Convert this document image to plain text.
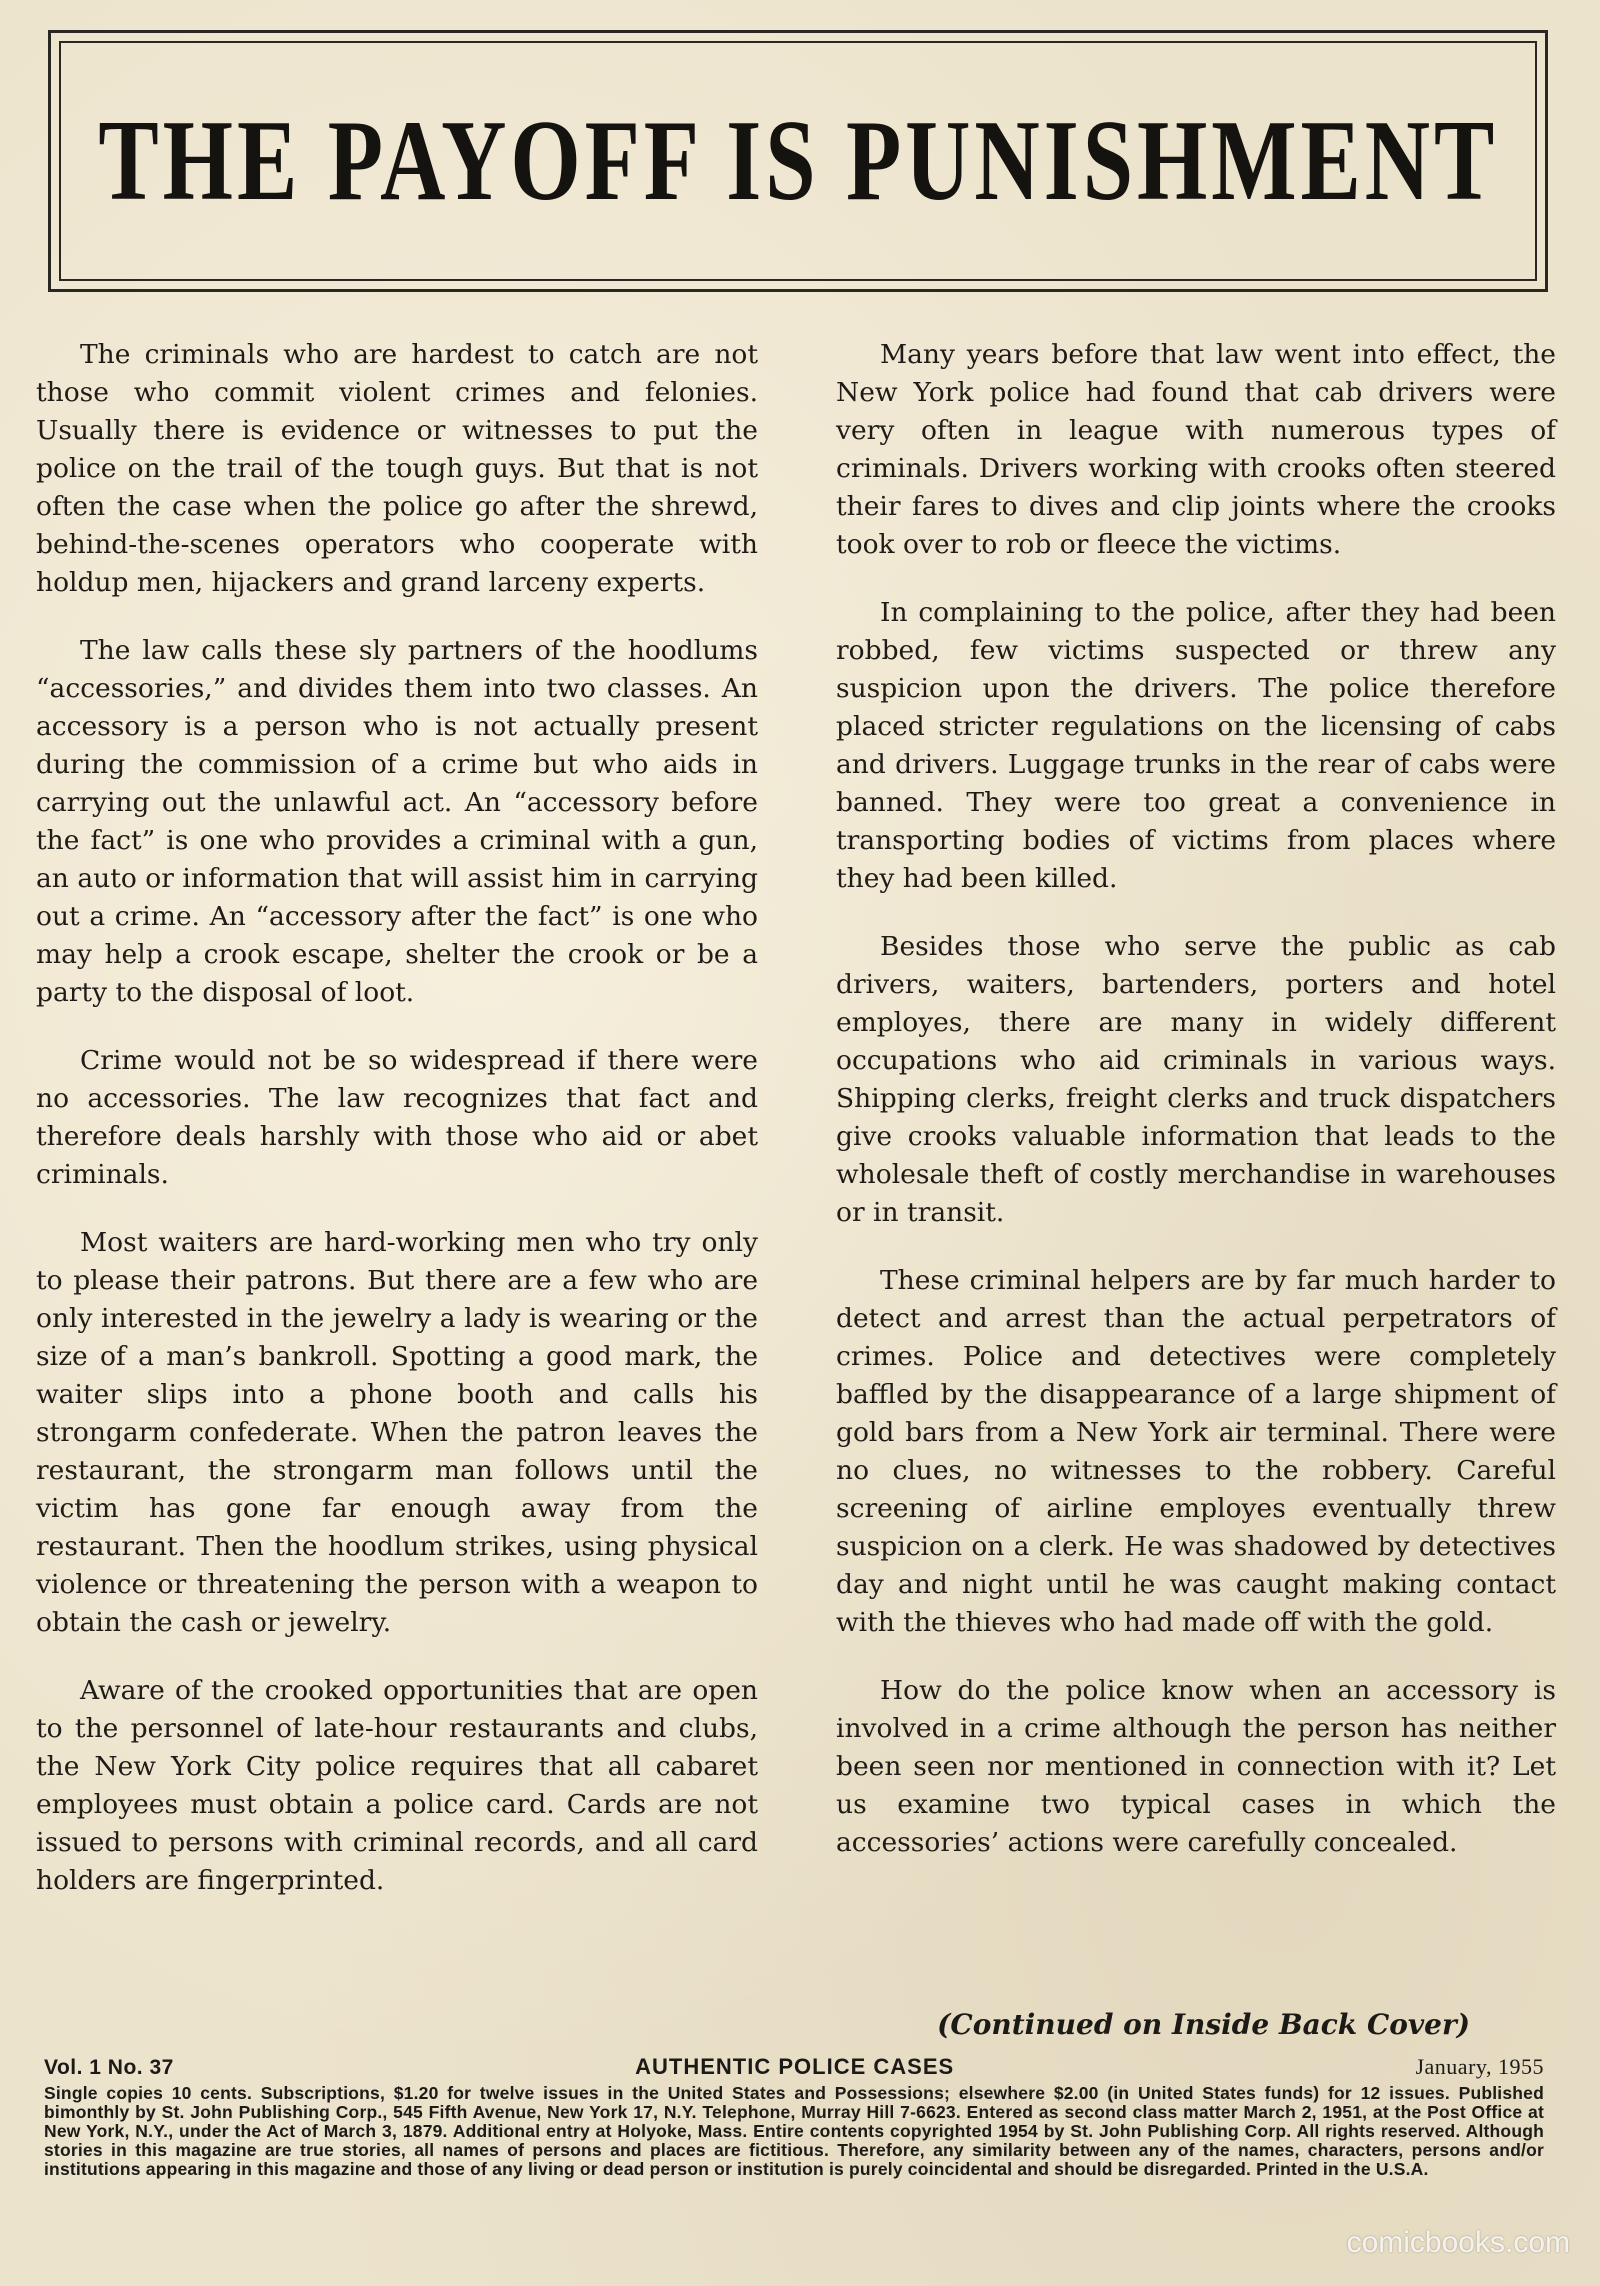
THE PAYOFF IS PUNISHMENT

The criminals who are hardest to catch are not those who commit violent crimes and felonies. Usually there is evidence or witnesses to put the police on the trail of the tough guys. But that is not often the case when the police go after the shrewd, behind-the-scenes operators who cooperate with holdup men, hijackers and grand larceny experts.

The law calls these sly partners of the hoodlums “accessories,” and divides them into two classes. An accessory is a person who is not actually present during the commission of a crime but who aids in carrying out the unlawful act. An “accessory before the fact” is one who provides a criminal with a gun, an auto or information that will assist him in carrying out a crime. An “accessory after the fact” is one who may help a crook escape, shelter the crook or be a party to the disposal of loot.

Crime would not be so widespread if there were no accessories. The law recognizes that fact and therefore deals harshly with those who aid or abet criminals.

Most waiters are hard-working men who try only to please their patrons. But there are a few who are only interested in the jewelry a lady is wearing or the size of a man’s bankroll. Spotting a good mark, the waiter slips into a phone booth and calls his strongarm confederate. When the patron leaves the restaurant, the strongarm man follows until the victim has gone far enough away from the restaurant. Then the hoodlum strikes, using physical violence or threatening the person with a weapon to obtain the cash or jewelry.

Aware of the crooked opportunities that are open to the personnel of late-hour restaurants and clubs, the New York City police requires that all cabaret employees must obtain a police card. Cards are not issued to persons with criminal records, and all card holders are fingerprinted.

Many years before that law went into effect, the New York police had found that cab drivers were very often in league with numerous types of criminals. Drivers working with crooks often steered their fares to dives and clip joints where the crooks took over to rob or fleece the victims.

In complaining to the police, after they had been robbed, few victims suspected or threw any suspicion upon the drivers. The police therefore placed stricter regulations on the licensing of cabs and drivers. Luggage trunks in the rear of cabs were banned. They were too great a convenience in transporting bodies of victims from places where they had been killed.

Besides those who serve the public as cab drivers, waiters, bartenders, porters and hotel employes, there are many in widely different occupations who aid criminals in various ways. Shipping clerks, freight clerks and truck dispatchers give crooks valuable information that leads to the wholesale theft of costly merchandise in warehouses or in transit.

These criminal helpers are by far much harder to detect and arrest than the actual perpetrators of crimes. Police and detectives were completely baffled by the disappearance of a large shipment of gold bars from a New York air terminal. There were no clues, no witnesses to the robbery. Careful screening of airline employes eventually threw suspicion on a clerk. He was shadowed by detectives day and night until he was caught making contact with the thieves who had made off with the gold.

How do the police know when an accessory is involved in a crime although the person has neither been seen nor mentioned in connection with it? Let us examine two typical cases in which the accessories’ actions were carefully concealed.

(Continued on Inside Back Cover)
Vol. 1 No. 37	AUTHENTIC POLICE CASES	January, 1955
Single copies 10 cents. Subscriptions, $1.20 for twelve issues in the United States and Possessions; elsewhere $2.00 (in United States funds) for 12 issues. Published bimonthly by St. John Publishing Corp., 545 Fifth Avenue, New York 17, N.Y. Telephone, Murray Hill 7-6623. Entered as second class matter March 2, 1951, at the Post Office at New York, N.Y., under the Act of March 3, 1879. Additional entry at Holyoke, Mass. Entire contents copyrighted 1954 by St. John Publishing Corp. All rights reserved. Although stories in this magazine are true stories, all names of persons and places are fictitious. Therefore, any similarity between any of the names, characters, persons and/or institutions appearing in this magazine and those of any living or dead person or institution is purely coincidental and should be disregarded. Printed in the U.S.A.
comicbooks.com
